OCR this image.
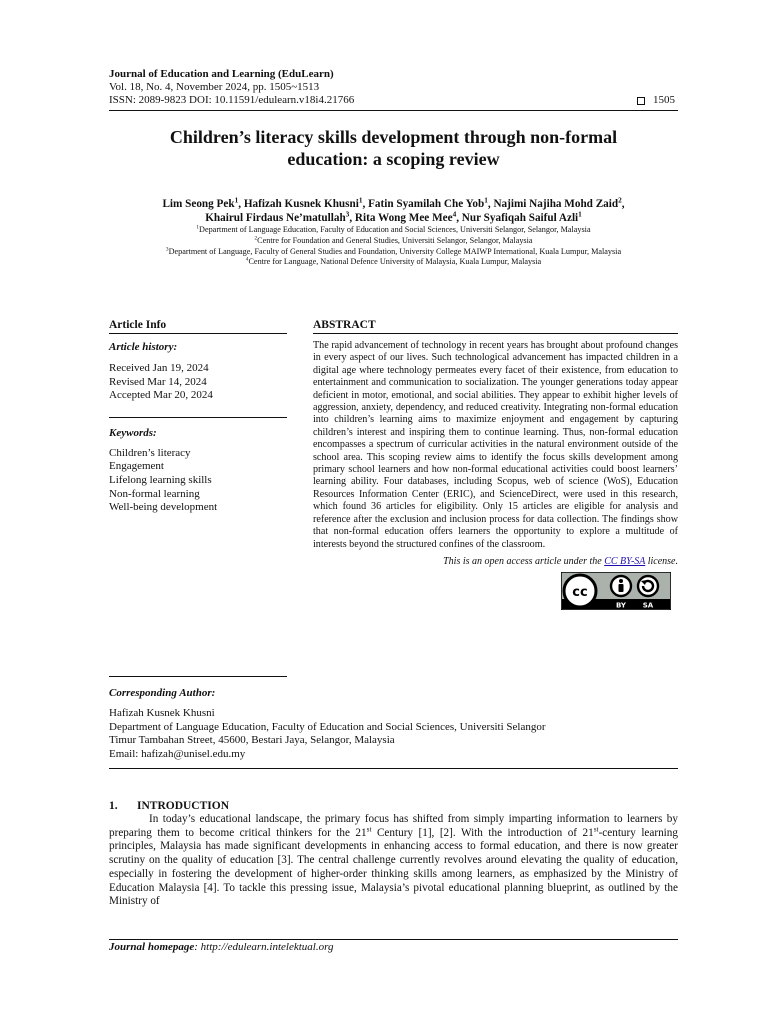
Journal of Education and Learning (EduLearn)
Vol. 18, No. 4, November 2024, pp. 1505~1513
ISSN: 2089-9823 DOI: 10.11591/edulearn.v18i4.21766	1505
Children’s literacy skills development through non-formal
education: a scoping review
Lim Seong Pek$^1$, Hafizah Kusnek Khusni$^1$, Fatin Syamilah Che Yob$^1$, Najimi Najiha Mohd Zaid$^2$,
Khairul Firdaus Ne’matullah$^3$, Rita Wong Mee Mee$^4$, Nur Syafiqah Saiful Azli$^1$
$^1$Department of Language Education, Faculty of Education and Social Sciences, Universiti Selangor, Selangor, Malaysia
$^2$Centre for Foundation and General Studies, Universiti Selangor, Selangor, Malaysia
$^3$Department of Language, Faculty of General Studies and Foundation, University College MAIWP International, Kuala Lumpur, Malaysia
$^4$Centre for Language, National Defence University of Malaysia, Kuala Lumpur, Malaysia
Article Info
Article history:
Received Jan 19, 2024
Revised Mar 14, 2024
Accepted Mar 20, 2024
Keywords:
Children’s literacy
Engagement
Lifelong learning skills
Non-formal learning
Well-being development
ABSTRACT
The rapid advancement of technology in recent years has brought about profound changes in every aspect of our lives. Such technological advancement has impacted children in a digital age where technology permeates every facet of their existence, from education to entertainment and communication to socialization. The younger generations today appear deficient in motor, emotional, and social abilities. They appear to exhibit higher levels of aggression, anxiety, dependency, and reduced creativity. Integrating non-formal education into children’s learning aims to maximize enjoyment and engagement by capturing children’s interest and inspiring them to continue learning. Thus, non-formal education encompasses a spectrum of curricular activities in the natural environment outside of the school area. This scoping review aims to identify the focus skills development among primary school learners and how non-formal educational activities could boost learners’ learning ability. Four databases, including Scopus, web of science (WoS), Education Resources Information Center (ERIC), and ScienceDirect, were used in this research, which found 36 articles for eligibility. Only 15 articles are eligible for analysis and reference after the exclusion and inclusion process for data collection. The findings show that non-formal education offers learners the opportunity to explore a multitude of interests beyond the structured confines of the classroom.
This is an open access article under the CC BY-SA license.
cc
BY SA
Corresponding Author:
Hafizah Kusnek Khusni
Department of Language Education, Faculty of Education and Social Sciences, Universiti Selangor
Timur Tambahan Street, 45600, Bestari Jaya, Selangor, Malaysia
Email: hafizah@unisel.edu.my
1. INTRODUCTION
In today’s educational landscape, the primary focus has shifted from simply imparting information to learners by preparing them to become critical thinkers for the 21st Century [1], [2]. With the introduction of 21st-century learning principles, Malaysia has made significant developments in enhancing access to formal education, and there is now greater scrutiny on the quality of education [3]. The central challenge currently revolves around elevating the quality of education, especially in fostering the development of higher-order thinking skills among learners, as emphasized by the Ministry of Education Malaysia [4]. To tackle this pressing issue, Malaysia’s pivotal educational planning blueprint, as outlined by the Ministry of
Journal homepage: http://edulearn.intelektual.org
